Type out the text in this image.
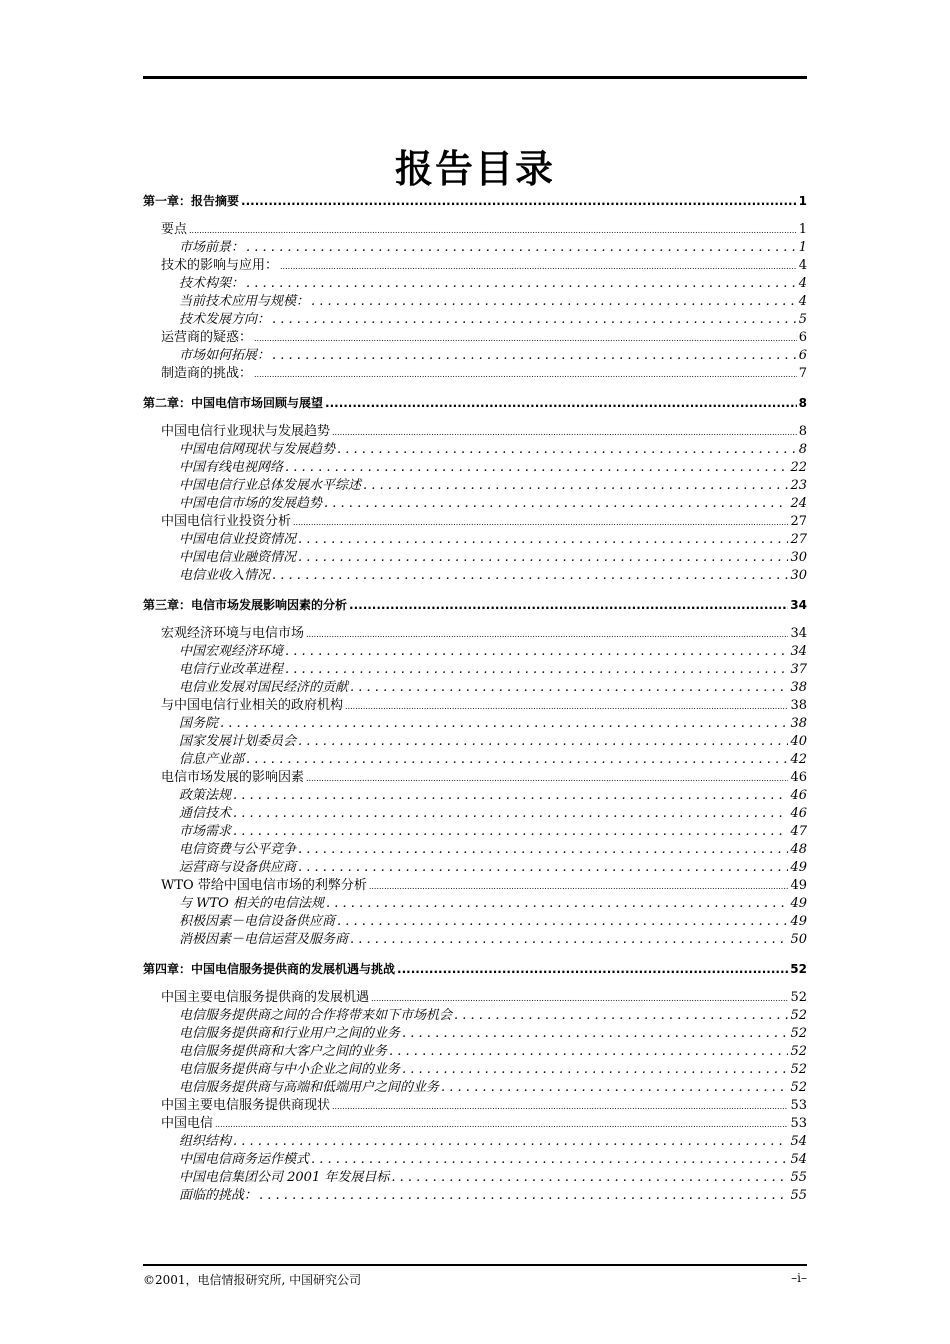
报告目录
第一章：报告摘要 .....	1
要点 .....	1
市场前景： . . .	1
技术的影响与应用： .....	4
技术构架： . . .	4
当前技术应用与规模： . . .	4
技术发展方向： . . .	5
运营商的疑惑： .....	6
市场如何拓展： . . .	6
制造商的挑战： .....	7
第二章：中国电信市场回顾与展望 .....	8
中国电信行业现状与发展趋势 .....	8
中国电信网现状与发展趋势 . . .	8
中国有线电视网络 . . .	22
中国电信行业总体发展水平综述 . . .	23
中国电信市场的发展趋势 . . .	24
中国电信行业投资分析 .....	27
中国电信业投资情况 . . .	27
中国电信业融资情况 . . .	30
电信业收入情况 . . .	30
第三章：电信市场发展影响因素的分析 .....	34
宏观经济环境与电信市场 .....	34
中国宏观经济环境 . . .	34
电信行业改革进程 . . .	37
电信业发展对国民经济的贡献 . . .	38
与中国电信行业相关的政府机构 .....	38
国务院 . . .	38
国家发展计划委员会 . . .	40
信息产业部 . . .	42
电信市场发展的影响因素 .....	46
政策法规 . . .	46
通信技术 . . .	46
市场需求 . . .	47
电信资费与公平竞争 . . .	48
运营商与设备供应商 . . .	49
WTO 带给中国电信市场的利弊分析 .....	49
与 WTO 相关的电信法规 . . .	49
积极因素－电信设备供应商 . . .	49
消极因素－电信运营及服务商 . . .	50
第四章：中国电信服务提供商的发展机遇与挑战 .....	52
中国主要电信服务提供商的发展机遇 .....	52
电信服务提供商之间的合作将带来如下市场机会 . . .	52
电信服务提供商和行业用户之间的业务 . . .	52
电信服务提供商和大客户之间的业务 . . .	52
电信服务提供商与中小企业之间的业务 . . .	52
电信服务提供商与高端和低端用户之间的业务 . . .	52
中国主要电信服务提供商现状 .....	53
中国电信 .....	53
组织结构 . . .	54
中国电信商务运作模式 . . .	54
中国电信集团公司 2001 年发展目标 . . .	55
面临的挑战： . . .	55
©2001，电信情报研究所, 中国研究公司	–i–
